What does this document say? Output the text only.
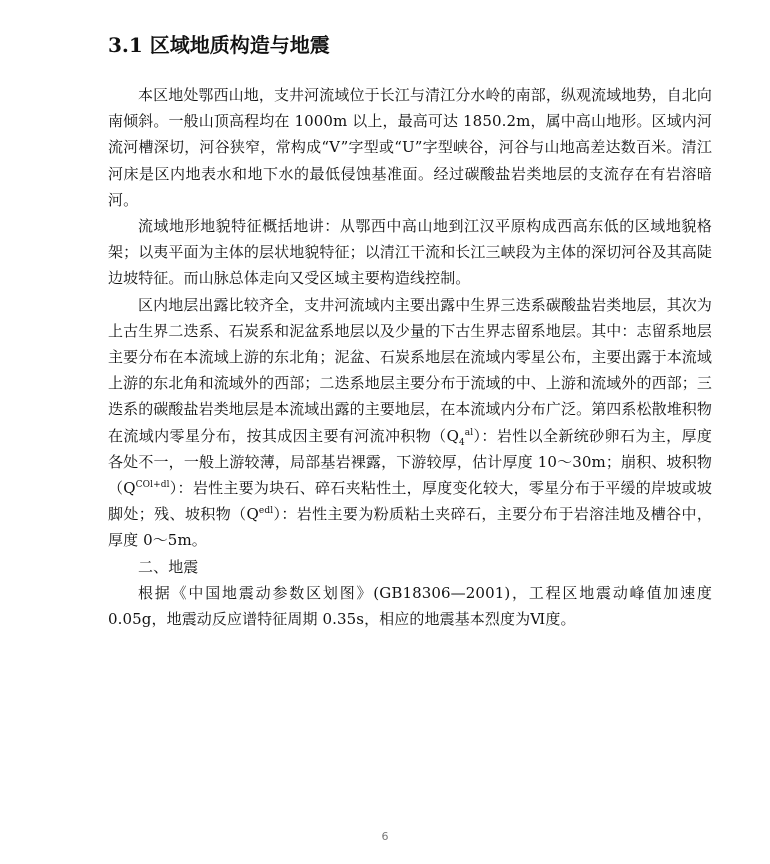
3.1 区域地质构造与地震

本区地处鄂西山地，支井河流域位于长江与清江分水岭的南部，纵观流域地势，自北向南倾斜。一般山顶高程均在 1000m 以上，最高可达 1850.2m，属中高山地形。区域内河流河槽深切，河谷狭窄，常构成“V”字型或“U”字型峡谷，河谷与山地高差达数百米。清江河床是区内地表水和地下水的最低侵蚀基准面。经过碳酸盐岩类地层的支流存在有岩溶暗河。

流域地形地貌特征概括地讲：从鄂西中高山地到江汉平原构成西高东低的区域地貌格架；以夷平面为主体的层状地貌特征；以清江干流和长江三峡段为主体的深切河谷及其高陡边坡特征。而山脉总体走向又受区域主要构造线控制。

区内地层出露比较齐全，支井河流域内主要出露中生界三迭系碳酸盐岩类地层，其次为上古生界二迭系、石炭系和泥盆系地层以及少量的下古生界志留系地层。其中：志留系地层主要分布在本流域上游的东北角；泥盆、石炭系地层在流域内零星公布，主要出露于本流域上游的东北角和流域外的西部；二迭系地层主要分布于流域的中、上游和流域外的西部；三迭系的碳酸盐岩类地层是本流域出露的主要地层，在本流域内分布广泛。第四系松散堆积物在流域内零星分布，按其成因主要有河流冲积物$(Q_4^{al})$：岩性以全新统砂卵石为主，厚度各处不一，一般上游较薄，局部基岩裸露，下游较厚，估计厚度 10～30m；崩积、坡积物$(Q^{COl+dl})$：岩性主要为块石、碎石夹粘性土，厚度变化较大，零星分布于平缓的岸坡或坡脚处；残、坡积物$(Q^{edl})$：岩性主要为粉质粘土夹碎石，主要分布于岩溶洼地及槽谷中，厚度 0～5m。

二、地震

根据《中国地震动参数区划图》(GB18306—2001)，工程区地震动峰值加速度 0.05g，地震动反应谱特征周期 0.35s，相应的地震基本烈度为Ⅵ度。

6
